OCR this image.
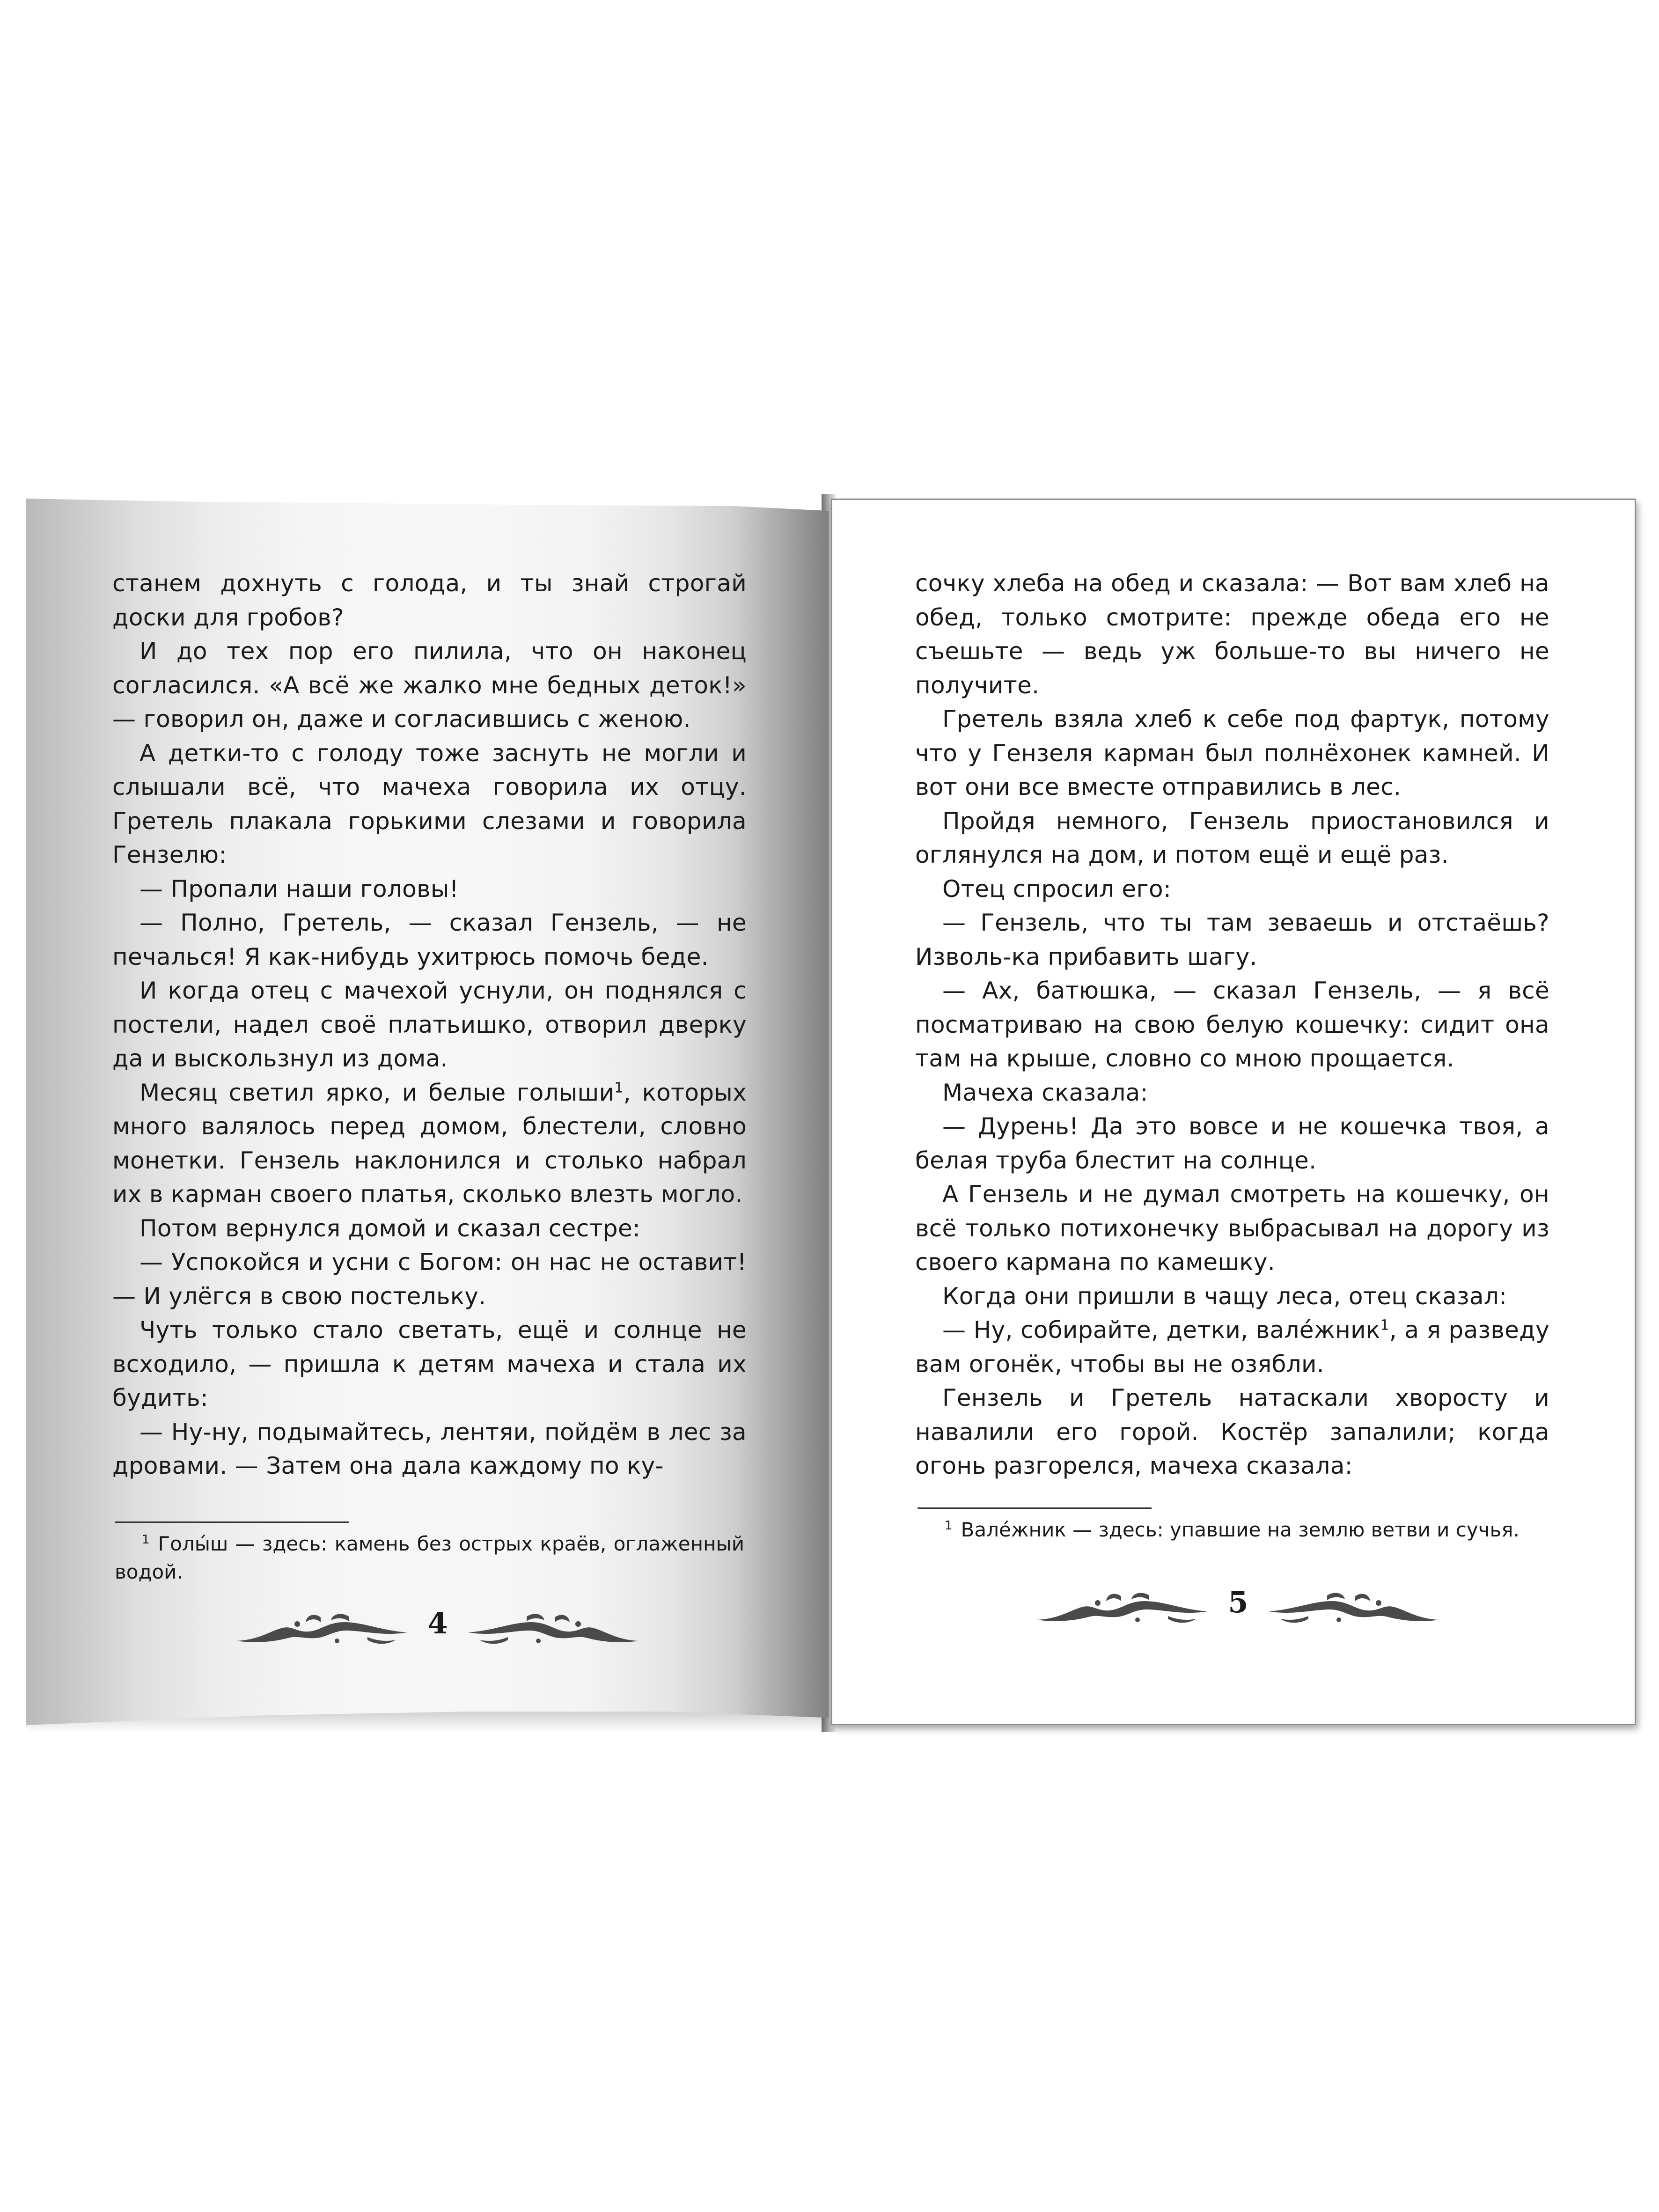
станем дохнуть с голода, и ты знай строгай доски для гробов?

И до тех пор его пилила, что он наконец согласился. «А всё же жалко мне бедных деток!» — говорил он, даже и согласившись с женою.

А детки-то с голоду тоже заснуть не могли и слышали всё, что мачеха говорила их отцу. Гретель плакала горькими слезами и говорила Гензелю:

— Пропали наши головы!

— Полно, Гретель, — сказал Гензель, — не печалься! Я как-нибудь ухитрюсь помочь беде.

И когда отец с мачехой уснули, он поднялся с постели, надел своё платьишко, отворил дверку да и выскользнул из дома.

Месяц светил ярко, и белые голыши$^1$, которых много валялось перед домом, блестели, словно монетки. Гензель наклонился и столько набрал их в карман своего платья, сколько влезть могло.

Потом вернулся домой и сказал сестре:

— Успокойся и усни с Богом: он нас не оставит! — И улёгся в свою постельку.

Чуть только стало светать, ещё и солнце не всходило, — пришла к детям мачеха и стала их будить:

— Ну-ну, подымайтесь, лентяи, пойдём в лес за дровами. — Затем она дала каждому по ку-

$^1$ Голы́ш — здесь: камень без острых краёв, оглаженный водой.
4

сочку хлеба на обед и сказала: — Вот вам хлеб на обед, только смотрите: прежде обеда его не съешьте — ведь уж больше-то вы ничего не получите.

Гретель взяла хлеб к себе под фартук, потому что у Гензеля карман был полнёхонек камней. И вот они все вместе отправились в лес.

Пройдя немного, Гензель приостановился и оглянулся на дом, и потом ещё и ещё раз.

Отец спросил его:

— Гензель, что ты там зеваешь и отстаёшь? Изволь-ка прибавить шагу.

— Ах, батюшка, — сказал Гензель, — я всё посматриваю на свою белую кошечку: сидит она там на крыше, словно со мною прощается.

Мачеха сказала:

— Дурень! Да это вовсе и не кошечка твоя, а белая труба блестит на солнце.

А Гензель и не думал смотреть на кошечку, он всё только потихонечку выбрасывал на дорогу из своего кармана по камешку.

Когда они пришли в чащу леса, отец сказал:

— Ну, собирайте, детки, вале́жник$^1$, а я разведу вам огонёк, чтобы вы не озябли.

Гензель и Гретель натаскали хворосту и навалили его горой. Костёр запалили; когда огонь разгорелся, мачеха сказала:

$^1$ Вале́жник — здесь: упавшие на землю ветви и сучья.
5
